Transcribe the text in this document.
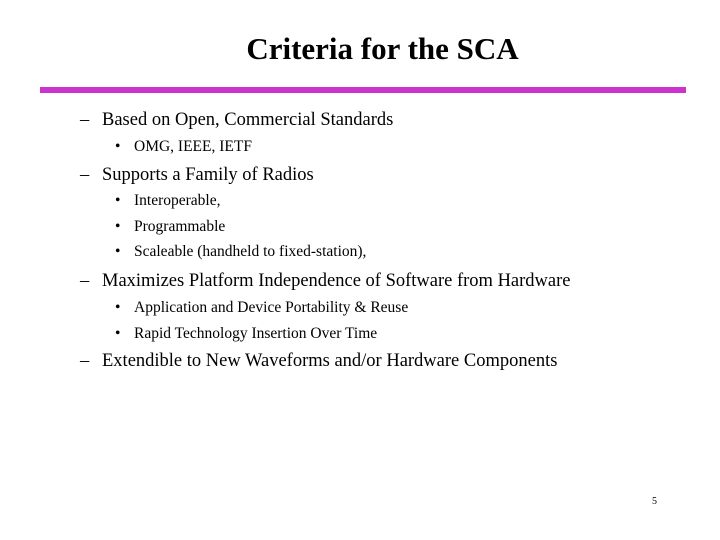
Criteria for the SCA
– Based on Open, Commercial Standards
• OMG, IEEE, IETF
– Supports a Family of Radios
• Interoperable,
• Programmable
• Scaleable (handheld to fixed-station),
– Maximizes Platform Independence of Software from Hardware
• Application and Device Portability & Reuse
• Rapid Technology Insertion Over Time
– Extendible to New Waveforms and/or Hardware Components
5
